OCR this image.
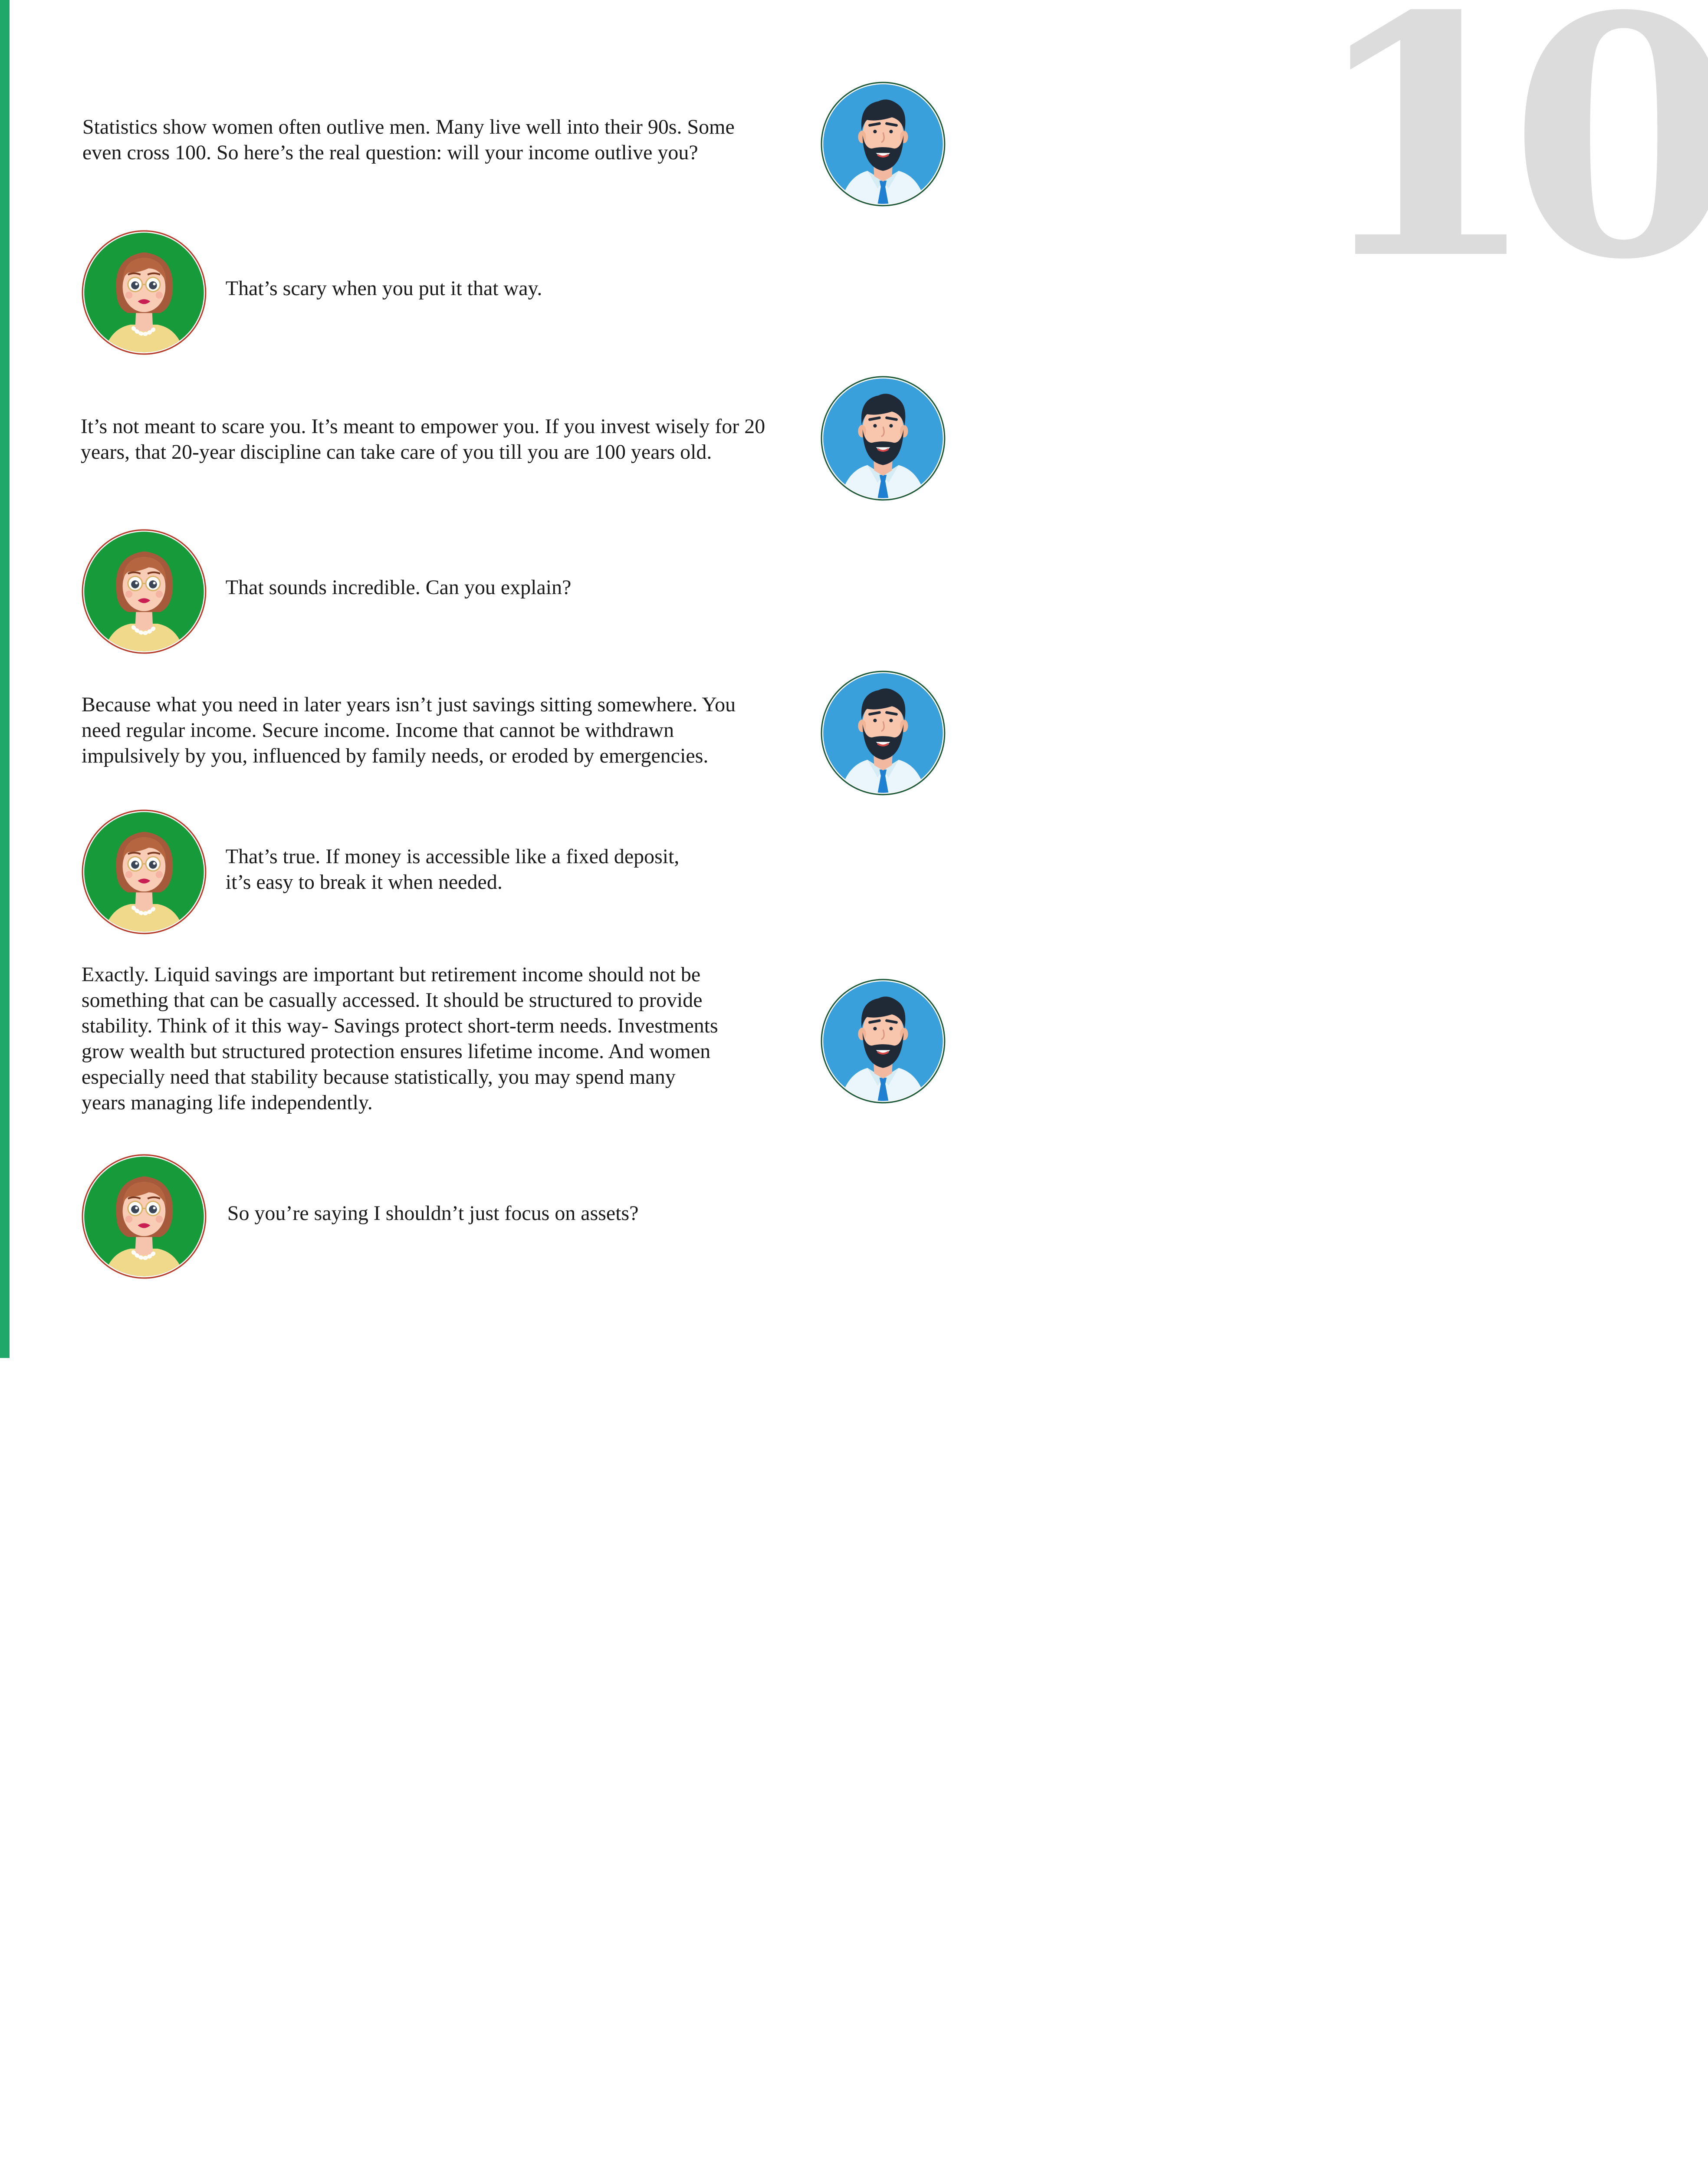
10

Statistics show women often outlive men. Many live well into their 90s. Some
even cross 100. So here’s the real question: will your income outlive you?

That’s scary when you put it that way.

It’s not meant to scare you. It’s meant to empower you. If you invest wisely for 20
years, that 20-year discipline can take care of you till you are 100 years old.

That sounds incredible. Can you explain?

Because what you need in later years isn’t just savings sitting somewhere. You
need regular income. Secure income. Income that cannot be withdrawn
impulsively by you, influenced by family needs, or eroded by emergencies.

That’s true. If money is accessible like a fixed deposit,
it’s easy to break it when needed.

Exactly. Liquid savings are important but retirement income should not be
something that can be casually accessed. It should be structured to provide
stability. Think of it this way- Savings protect short-term needs. Investments
grow wealth but structured protection ensures lifetime income. And women
especially need that stability because statistically, you may spend many
years managing life independently.

So you’re saying I shouldn’t just focus on assets?
